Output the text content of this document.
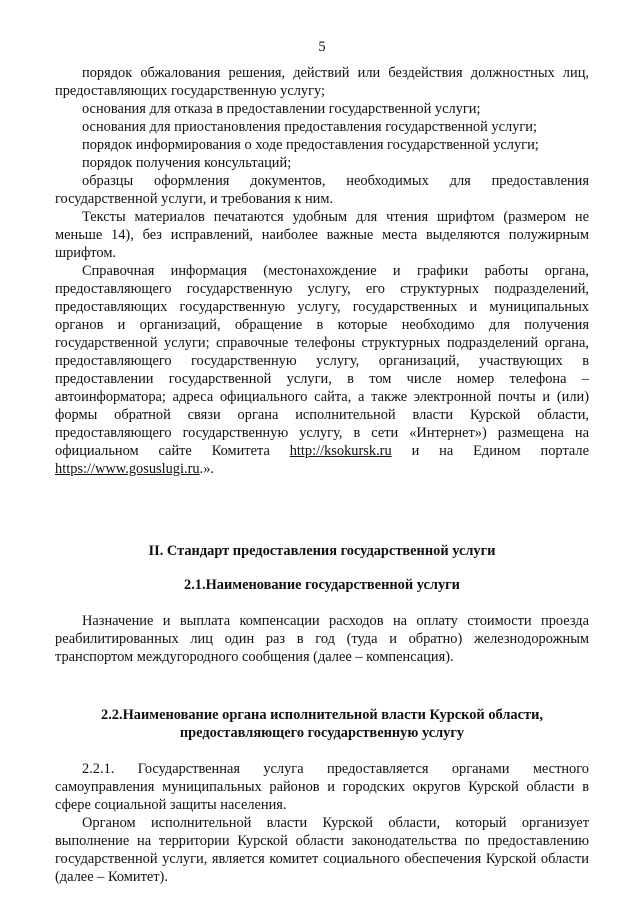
5

порядок обжалования решения, действий или бездействия должностных лиц, предоставляющих государственную услугу;

основания для отказа в предоставлении государственной услуги;

основания для приостановления предоставления государственной услуги;

порядок информирования о ходе предоставления государственной услуги;

порядок получения консультаций;

образцы оформления документов, необходимых для предоставления государственной услуги, и требования к ним.

Тексты материалов печатаются удобным для чтения шрифтом (размером не меньше 14), без исправлений, наиболее важные места выделяются полужирным шрифтом.

Справочная информация (местонахождение и графики работы органа, предоставляющего государственную услугу, его структурных подразделений, предоставляющих государственную услугу, государственных и муниципальных органов и организаций, обращение в которые необходимо для получения государственной услуги; справочные телефоны структурных подразделений органа, предоставляющего государственную услугу, организаций, участвующих в предоставлении государственной услуги, в том числе номер телефона – автоинформатора; адреса официального сайта, а также электронной почты и (или) формы обратной связи органа исполнительной власти Курской области, предоставляющего государственную услугу, в сети «Интернет») размещена на официальном сайте Комитета http://ksokursk.ru и на Едином портале https://www.gosuslugi.ru.».

II. Стандарт предоставления государственной услуги
2.1.Наименование государственной услуги

Назначение и выплата компенсации расходов на оплату стоимости проезда реабилитированных лиц один раз в год (туда и обратно) железнодорожным транспортом междугородного сообщения (далее – компенсация).

2.2.Наименование органа исполнительной власти Курской области,
предоставляющего государственную услугу

2.2.1. Государственная услуга предоставляется органами местного самоуправления муниципальных районов и городских округов Курской области в сфере социальной защиты населения.

Органом исполнительной власти Курской области, который организует выполнение на территории Курской области законодательства по предоставлению государственной услуги, является комитет социального обеспечения Курской области (далее – Комитет).
